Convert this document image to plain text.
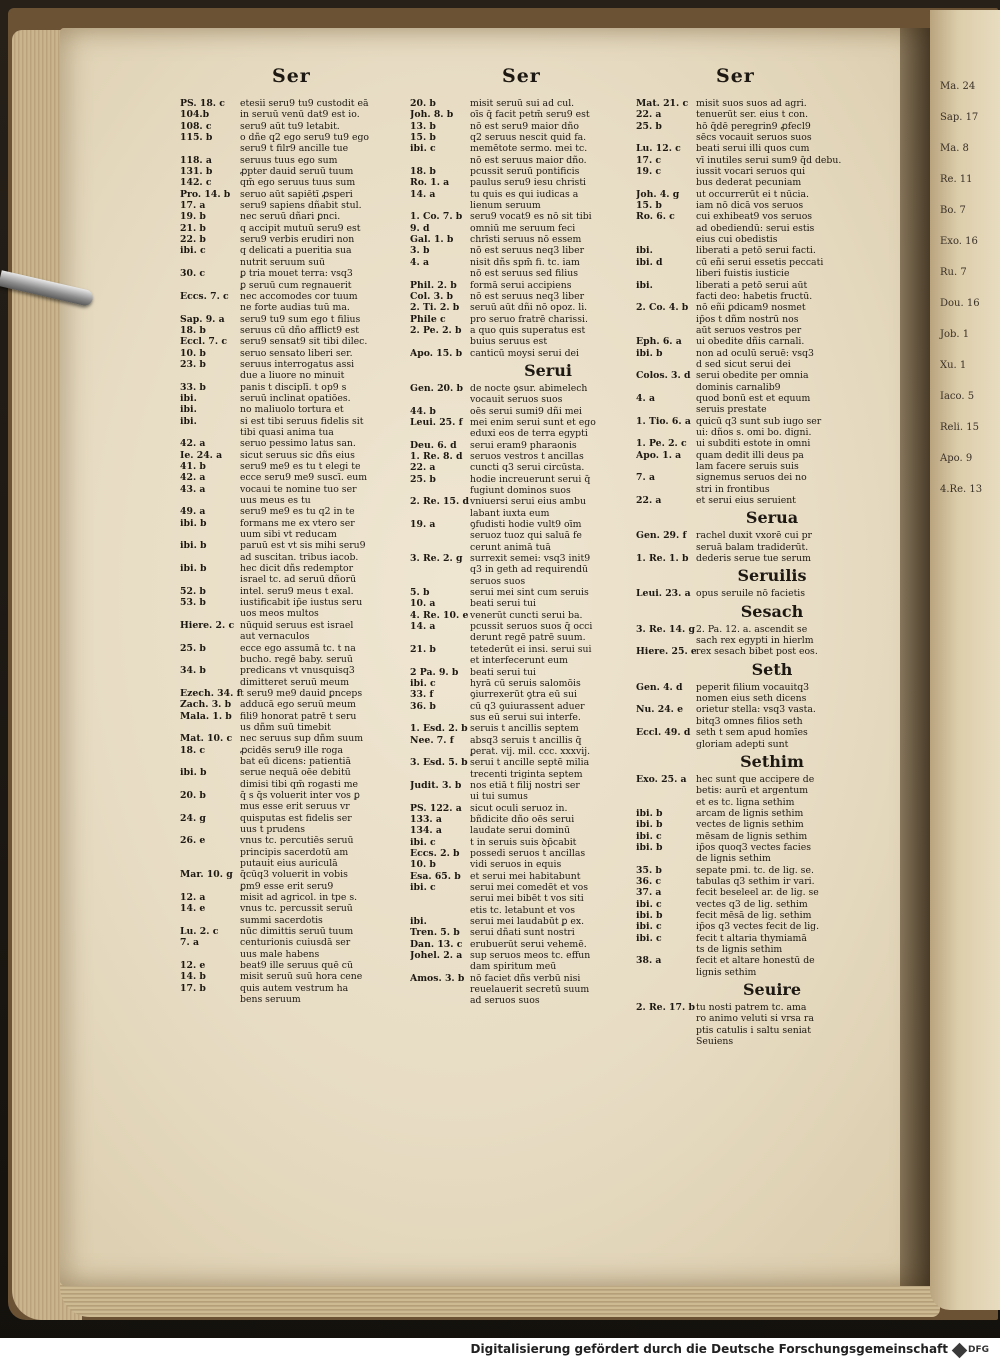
Ma. 24
Sap. 17
Ma. 8
Re. 11
Bo. 7
Exo. 16
Ru. 7
Dou. 16
Job. 1
Xu. 1
Iaco. 5
Reli. 15
Apo. 9
4.Re. 13
Ser
PS. 18. c	etesii seru9 tu9 custodit eā
104.b	in seruū venū dat9 est io.
108. c	seru9 aūt tu9 letabit.
115. b	o dñe q2 ego seru9 tu9 ego
seru9 t̄ filr9 ancille tue
118. a	seruus tuus ego sum
131. b	ꝓpter dauid seruū tuum
142. c	qm̄ ego seruus tuus sum
Pro. 14. b	seruo aūt sapiētī ꝓsperi
17. a	seru9 sapiens dñabit stul.
19. b	nec seruū dñari ꝑnci.
21. b	q accipit mutuū seru9 est
22. b	seru9 verbis erudiri non
ibi. c	q delicati a pueritia sua
nutrit seruum suū
30. c	ꝑ tria mouet terra: vsq3
ꝑ seruū cum regnauerit
Eccs. 7. c	nec accomodes cor tuum
ne forte audias tuū ma.
Sap. 9. a	seru9 tu9 sum ego t̄ filius
18. b	seruus cū dño afflict9 est
Eccl. 7. c	seru9 sensat9 sit tibi dilec.
10. b	seruo sensato liberi ser.
23. b	seruus interrogatus assi
due a liuore no minuit
33. b	panis t̄ disciplī. t̄ op9 s
ibi.	seruū inclinat opatiōes.
ibi.	no maliuolo tortura et
ibi.	si est tibi seruus fidelis sit
tibi quasi anima tua
42. a	seruo pessimo latus san.
Ie. 24. a	sicut seruus sic dñs eius
41. b	seru9 me9 es tu t̄ elegi te
42. a	ecce seru9 me9 suscī. eum
43. a	vocaui te nomine tuo ser
uus meus es tu
49. a	seru9 me9 es tu q2 in te
ibi. b	formans me ex vtero ser
uum sibi vt reducam
ibi. b	paruū est vt sis mihi seru9
ad suscitan. tribus iacob.
ibi. b	hec dicit dñs redemptor
israel t̄c. ad seruū dñorū
52. b	intel. seru9 meus t̄ exal.
53. b	iustificabit ip̄e iustus seru
uos meos multos
Hiere. 2. c nūquid seruus est israel
aut vernaculos
25. b	ecce ego assumā t̄c. t̄ na
bucho. regē baby. seruū
34. b	predicans vt vnusquisq3
dimitteret seruū meum
Ezech. 34. f t̄ seru9 me9 dauid ꝑnceps
Zach. 3. b adducā ego seruū meum
Mala. 1. b fili9 honorat patrē t̄ seru
us dñm suū timebit
Mat. 10. c nec seruus sup dñm suum
18. c	ꝓcidēs seru9 ille roga
bat eū dicens: patientiā
ibi. b	serue nequā oēe debitū
dimisi tibi qm̄ rogasti me
20. b	q̄ s q̄s voluerit inter vos ꝑ
mus esse erit seruus vr
24. g	quisputas est fidelis ser
uus t̄ prudens
26. e	vnus t̄c. percutiēs seruū
principis sacerdotū am
putauit eius auriculā
Mar. 10. g q̄cūq3 voluerit in vobis
ꝑm9 esse erit seru9
12. a	misit ad agricol. in tpe s.
14. e	vnus t̄c. percussit seruū
summi sacerdotis
Lu. 2. c	nūc dimittis seruū tuum
7. a	centurionis cuiusdā ser
uus male habens
12. e	beat9 ille seruus quē cū
14. b	misit seruū suū hora cene
17. b	quis autem vestrum ha
bens seruum
Ser
20. b	misit seruū sui ad cul.
Joh. 8. b	oīs q̄ facit petm̄ seru9 est
13. b	nō est seru9 maior dño
15. b	q2 seruus nescit quid fa.
ibi. c	memētote sermo. mei t̄c.
nō est seruus maior dño.
18. b	pcussit seruū pontificis
Ro. 1. a	paulus seru9 iesu christi
14. a	tu quis es qui iudicas a
lienum seruum
1. Co. 7. b seru9 vocat9 es nō sit tibi
9. d	omniū me seruum feci
Gal. 1. b	chrīsti seruus nō essem
3. b	nō est seruus neq3 liber
4. a	nisit dñs spm̄ fi. t̄c. iam
nō est seruus sed filius
Phil. 2. b	formā serui accipiens
Col. 3. b	nō est seruus neq3 liber
2. Ti. 2. b	seruū aūt dñi nō opoz. li.
Phile c	pro seruo fratrē charissi.
2. Pe. 2. b a quo quis superatus est
buius seruus est
Apo. 15. b canticū moysi serui dei
Serui
Gen. 20. b de nocte ꝯsur. abimelech
vocauit seruos suos
44. b	oēs serui sumi9 dñi mei
Leui. 25. f mei enim serui sunt et ego
eduxi eos de terra egypti
Deu. 6. d	serui eram9 pharaonis
1. Re. 8. d seruos vestros t̄ ancillas
22. a	cuncti q3 serui circūsta.
25. b	hodie increuerunt serui q̄
fugiunt dominos suos
2. Re. 15. d vniuersi serui eius ambu
labant iuxta eum
19. a	ꝯfudisti hodie vult9 oīm
seruoz tuoz qui saluā fe
cerunt animā tuā
3. Re. 2. g surrexit semei: vsq3 init9
q3 in geth ad requirendū
seruos suos
5. b	serui mei sint cum seruis
10. a	beati serui tui
4. Re. 10. e venerūt cuncti serui ba.
14. a	pcussit seruos suos q̄ occi
derunt regē patrē suum.
21. b	tetederūt ei insi. serui sui
et interfecerunt eum
2 Pa. 9. b	beati serui tui
ibi. c	hyrā cū seruis salomōis
33. f	ꝯiurrexerūt ꝯtra eū sui
36. b	cū q3 ꝯuiurassent aduer
sus eū serui sui interfe.
1. Esd. 2. b seruis t̄ ancillis septem
Nee. 7. f	absq3 seruis t̄ ancillis q̄
ꝑerat. vij. mil. ccc. xxxvij.
3. Esd. 5. b serui t̄ ancille septē milia
trecenti triginta septem
Judit. 3. b nos etiā t̄ filij nostri ser
ui tui sumus
PS. 122. a sicut oculi seruoz in.
133. a	bñdicite dño oēs serui
134. a	laudate serui dominū
ibi. c	t̄ in seruis suis ꝺp̄cabit
Eccs. 2. b	possedi seruos t̄ ancillas
10. b	vidi seruos in equis
Esa. 65. b et serui mei habitabunt
ibi. c	serui mei comedēt et vos
serui mei bibēt t̄ vos siti
etis t̄c. letabunt et vos
ibi.	serui mei laudabūt ꝑ ex.
Tren. 5. b	serui dñati sunt nostri
Dan. 13. c erubuerūt serui vehemē.
Johel. 2. a sup seruos meos t̄c. effun
dam spiritum meū
Amos. 3. b nō faciet dñs verbū nisi
reuelauerit secretū suum
ad seruos suos
Ser
Mat. 21. c misit suos suos ad agri.
22. a	tenuerūt ser. eius t̄ con.
25. b	hō q̄dē peregrin9 ꝓfecl9
sēcs vocauit seruos suos
Lu. 12. c	beati serui illi quos cum
17. c	vī inutiles serui sum9 q̄d debu.
19. c	iussit vocari seruos qui
bus dederat pecuniam
Joh. 4. g	ut occurrerūt ei t̄ nūcia.
15. b	iam nō dicā vos seruos
Ro. 6. c	cui exhibeat9 vos seruos
ad obediendū: serui estis
eius cui obedistis
ibi.	liberati a petō serui facti.
ibi. d	cū eñi serui essetis peccati
liberi fuistis iusticie
ibi.	liberati a petō serui aūt
facti deo: habetis fructū.
2. Co. 4. b nō eñi ꝑdicam9 nosmet
ip̄os t̄ dñm nostrū nos
aūt seruos vestros per
Eph. 6. a	ui obedite dñis carnali.
ibi. b	non ad oculū seruē: vsq3
d sed sicut serui dei
Colos. 3. d serui obedite per omnia
dominis carnalib9
4. a	quod bonū est et equum
seruis prestate
1. Tio. 6. a quicū q3 sunt sub iugo ser
ui: dños s. omi bo. digni.
1. Pe. 2. c	ui subditi estote in omni
Apo. 1. a	quam dedit illi deus pa
lam facere seruis suis
7. a	signemus seruos dei no
stri in frontibus
22. a	et serui eius seruient
Serua
Gen. 29. f	rachel duxit vxorē cui pr
seruā balam tradiderūt.
1. Re. 1. b dederis serue tue serum
Seruilis
Leui. 23. a opus seruile nō facietis
Sesach
3. Re. 14. g 2. Pa. 12. a. ascendit se
sach rex egypti in hierlm
Hiere. 25. e rex sesach bibet post eos.
Seth
Gen. 4. d	peperit filium vocauitq3
nomen eius seth dicens
Nu. 24. e	orietur stella: vsq3 vasta.
bitq3 omnes filios seth
Eccl. 49. d seth t̄ sem apud homīes
gloriam adepti sunt
Sethim
Exo. 25. a	hec sunt que accipere de
betis: aurū et argentum
et es t̄c. ligna sethim
ibi. b	arcam de lignis sethim
ibi. b	vectes de lignis sethim
ibi. c	mēsam de lignis sethim
ibi. b	ip̄os quoq3 vectes facies
de lignis sethim
35. b	sepate pmi. t̄c. de lig. se.
36. c	tabulas q3 sethim ir vari.
37. a	fecit beseleel ar. de lig. se
ibi. c	vectes q3 de lig. sethim
ibi. b	fecit mēsā de lig. sethim
ibi. c	ip̄os q3 vectes fecit de lig.
ibi. c	fecit t̄ altaria thymiamā
ts de lignis sethim
38. a	fecit et altare honestū de
lignis sethim
Seuire
2. Re. 17. b tu nosti patrem t̄c. ama
ro animo veluti si vrsa ra
ptis catulis i saltu seniat
Seuiens
Digitalisierung gefördert durch die Deutsche Forschungsgemeinschaft DFG
